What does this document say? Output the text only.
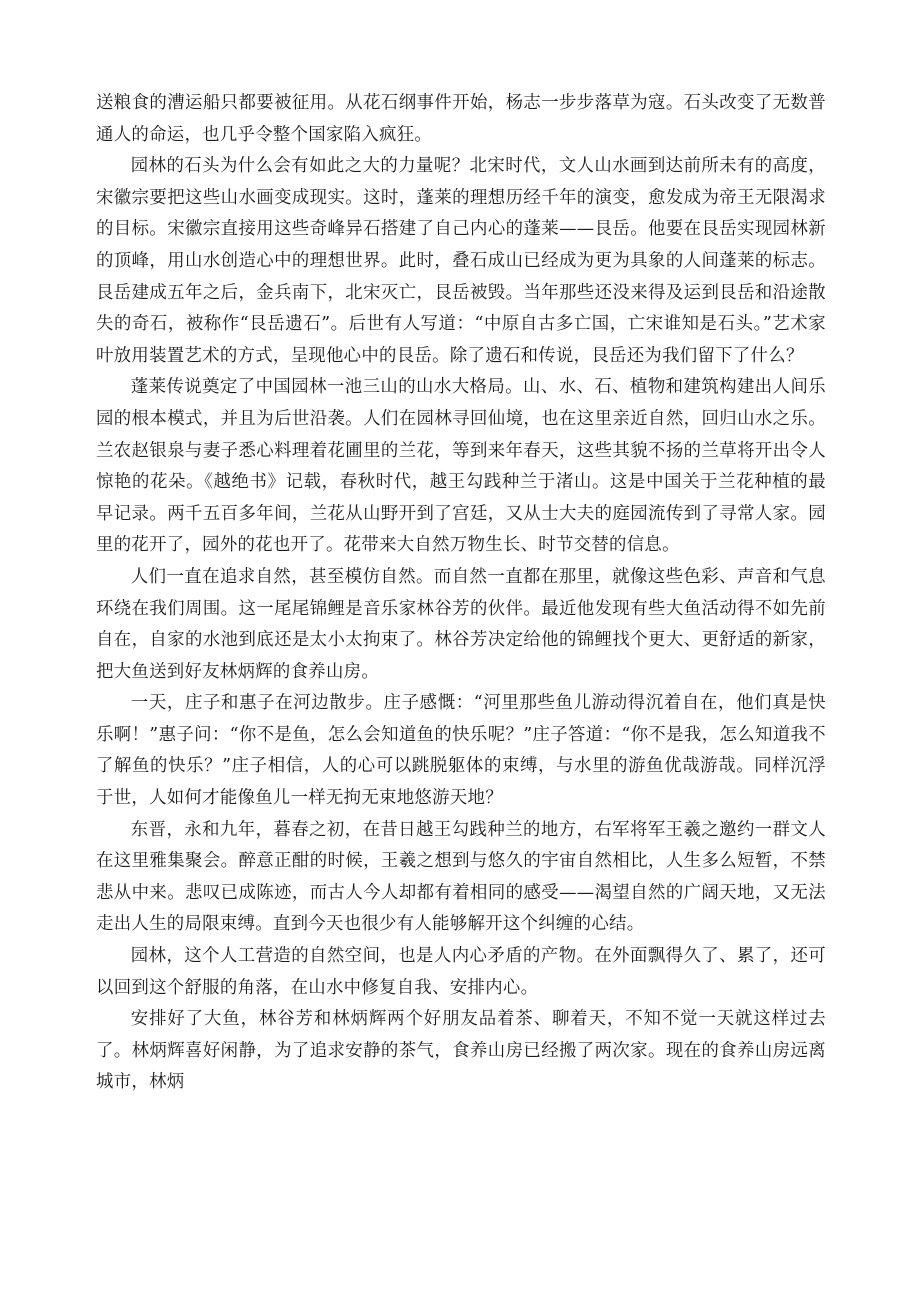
送粮食的漕运船只都要被征用。从花石纲事件开始，杨志一步步落草为寇。石头改变了无数普通人的命运，也几乎令整个国家陷入疯狂。

园林的石头为什么会有如此之大的力量呢？北宋时代，文人山水画到达前所未有的高度，宋徽宗要把这些山水画变成现实。这时，蓬莱的理想历经千年的演变，愈发成为帝王无限渴求的目标。宋徽宗直接用这些奇峰异石搭建了自己内心的蓬莱——艮岳。他要在艮岳实现园林新的顶峰，用山水创造心中的理想世界。此时，叠石成山已经成为更为具象的人间蓬莱的标志。艮岳建成五年之后，金兵南下，北宋灭亡，艮岳被毁。当年那些还没来得及运到艮岳和沿途散失的奇石，被称作“艮岳遗石”。后世有人写道：“中原自古多亡国，亡宋谁知是石头。”艺术家叶放用装置艺术的方式，呈现他心中的艮岳。除了遗石和传说，艮岳还为我们留下了什么？

蓬莱传说奠定了中国园林一池三山的山水大格局。山、水、石、植物和建筑构建出人间乐园的根本模式，并且为后世沿袭。人们在园林寻回仙境，也在这里亲近自然，回归山水之乐。兰农赵银泉与妻子悉心料理着花圃里的兰花，等到来年春天，这些其貌不扬的兰草将开出令人惊艳的花朵。《越绝书》记载，春秋时代，越王勾践种兰于渚山。这是中国关于兰花种植的最早记录。两千五百多年间，兰花从山野开到了宫廷，又从士大夫的庭园流传到了寻常人家。园里的花开了，园外的花也开了。花带来大自然万物生长、时节交替的信息。

人们一直在追求自然，甚至模仿自然。而自然一直都在那里，就像这些色彩、声音和气息环绕在我们周围。这一尾尾锦鲤是音乐家林谷芳的伙伴。最近他发现有些大鱼活动得不如先前自在，自家的水池到底还是太小太拘束了。林谷芳决定给他的锦鲤找个更大、更舒适的新家，把大鱼送到好友林炳辉的食养山房。

一天，庄子和惠子在河边散步。庄子感慨：“河里那些鱼儿游动得沉着自在，他们真是快乐啊！”惠子问：“你不是鱼，怎么会知道鱼的快乐呢？”庄子答道：“你不是我，怎么知道我不了解鱼的快乐？”庄子相信，人的心可以跳脱躯体的束缚，与水里的游鱼优哉游哉。同样沉浮于世，人如何才能像鱼儿一样无拘无束地悠游天地？

东晋，永和九年，暮春之初，在昔日越王勾践种兰的地方，右军将军王羲之邀约一群文人在这里雅集聚会。醉意正酣的时候，王羲之想到与悠久的宇宙自然相比，人生多么短暂，不禁悲从中来。悲叹已成陈迹，而古人今人却都有着相同的感受——渴望自然的广阔天地，又无法走出人生的局限束缚。直到今天也很少有人能够解开这个纠缠的心结。

园林，这个人工营造的自然空间，也是人内心矛盾的产物。在外面飘得久了、累了，还可以回到这个舒服的角落，在山水中修复自我、安排内心。

安排好了大鱼，林谷芳和林炳辉两个好朋友品着茶、聊着天，不知不觉一天就这样过去了。林炳辉喜好闲静，为了追求安静的茶气，食养山房已经搬了两次家。现在的食养山房远离城市，林炳
